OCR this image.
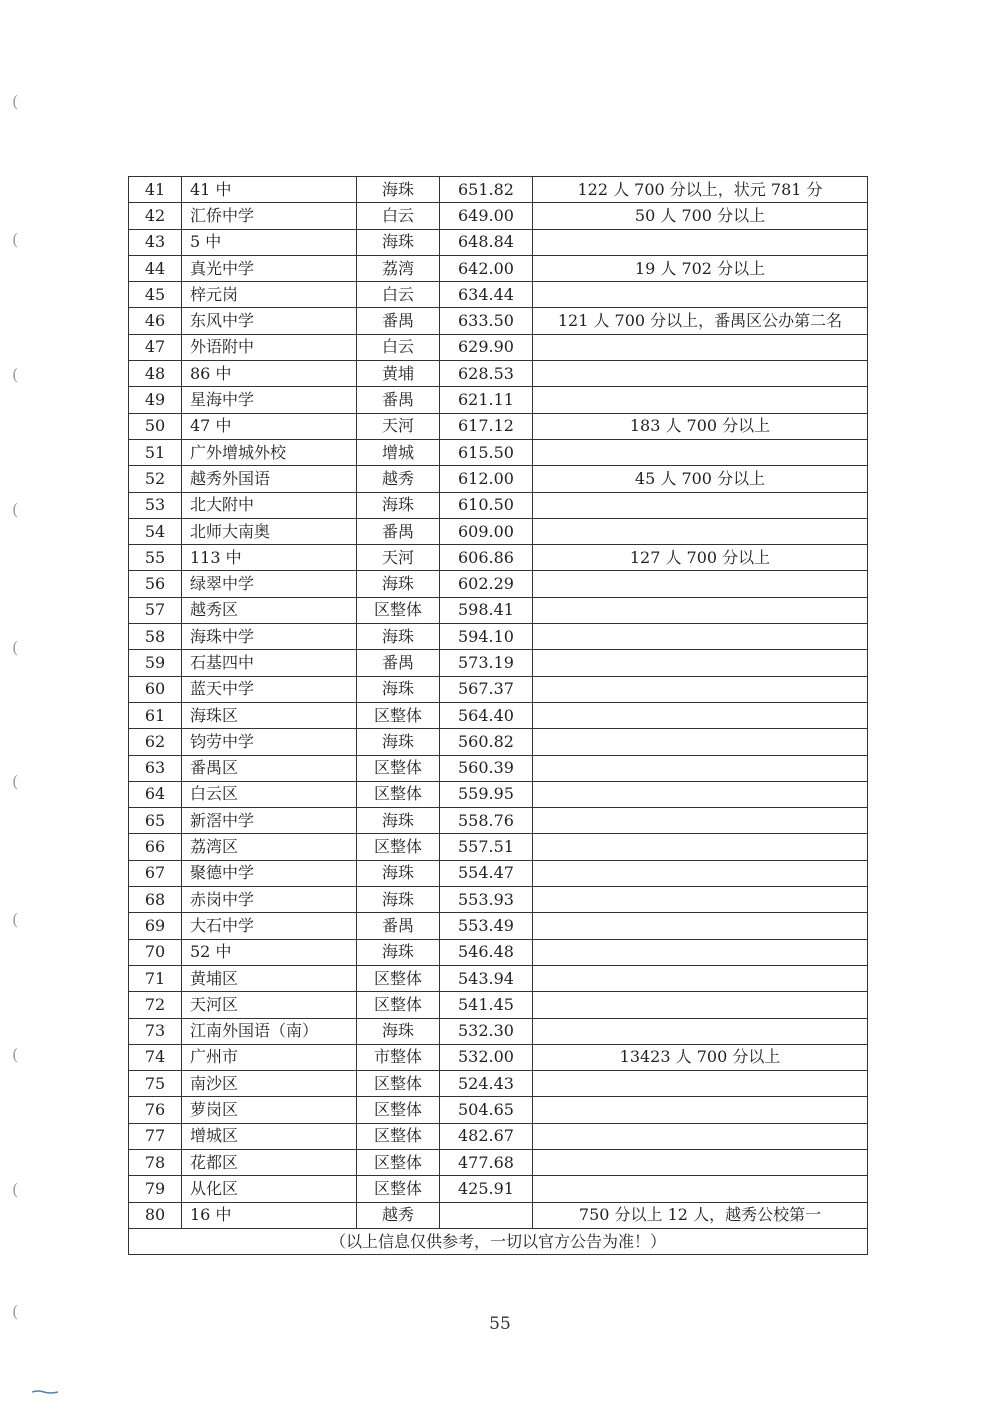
(
(
(
(
(
(
(
(
(
(
41	41 中	海珠	651.82	122 人 700 分以上，状元 781 分
42	汇侨中学	白云	649.00	50 人 700 分以上
43	5 中	海珠	648.84	
44	真光中学	荔湾	642.00	19 人 702 分以上
45	梓元岗	白云	634.44	
46	东风中学	番禺	633.50	121 人 700 分以上，番禺区公办第二名
47	外语附中	白云	629.90	
48	86 中	黄埔	628.53	
49	星海中学	番禺	621.11	
50	47 中	天河	617.12	183 人 700 分以上
51	广外增城外校	增城	615.50	
52	越秀外国语	越秀	612.00	45 人 700 分以上
53	北大附中	海珠	610.50	
54	北师大南奥	番禺	609.00	
55	113 中	天河	606.86	127 人 700 分以上
56	绿翠中学	海珠	602.29	
57	越秀区	区整体	598.41	
58	海珠中学	海珠	594.10	
59	石基四中	番禺	573.19	
60	蓝天中学	海珠	567.37	
61	海珠区	区整体	564.40	
62	钧劳中学	海珠	560.82	
63	番禺区	区整体	560.39	
64	白云区	区整体	559.95	
65	新滘中学	海珠	558.76	
66	荔湾区	区整体	557.51	
67	聚德中学	海珠	554.47	
68	赤岗中学	海珠	553.93	
69	大石中学	番禺	553.49	
70	52 中	海珠	546.48	
71	黄埔区	区整体	543.94	
72	天河区	区整体	541.45	
73	江南外国语（南）	海珠	532.30	
74	广州市	市整体	532.00	13423 人 700 分以上
75	南沙区	区整体	524.43	
76	萝岗区	区整体	504.65	
77	增城区	区整体	482.67	
78	花都区	区整体	477.68	
79	从化区	区整体	425.91	
80	16 中	越秀		750 分以上 12 人，越秀公校第一
（以上信息仅供参考，一切以官方公告为准！）				
55
